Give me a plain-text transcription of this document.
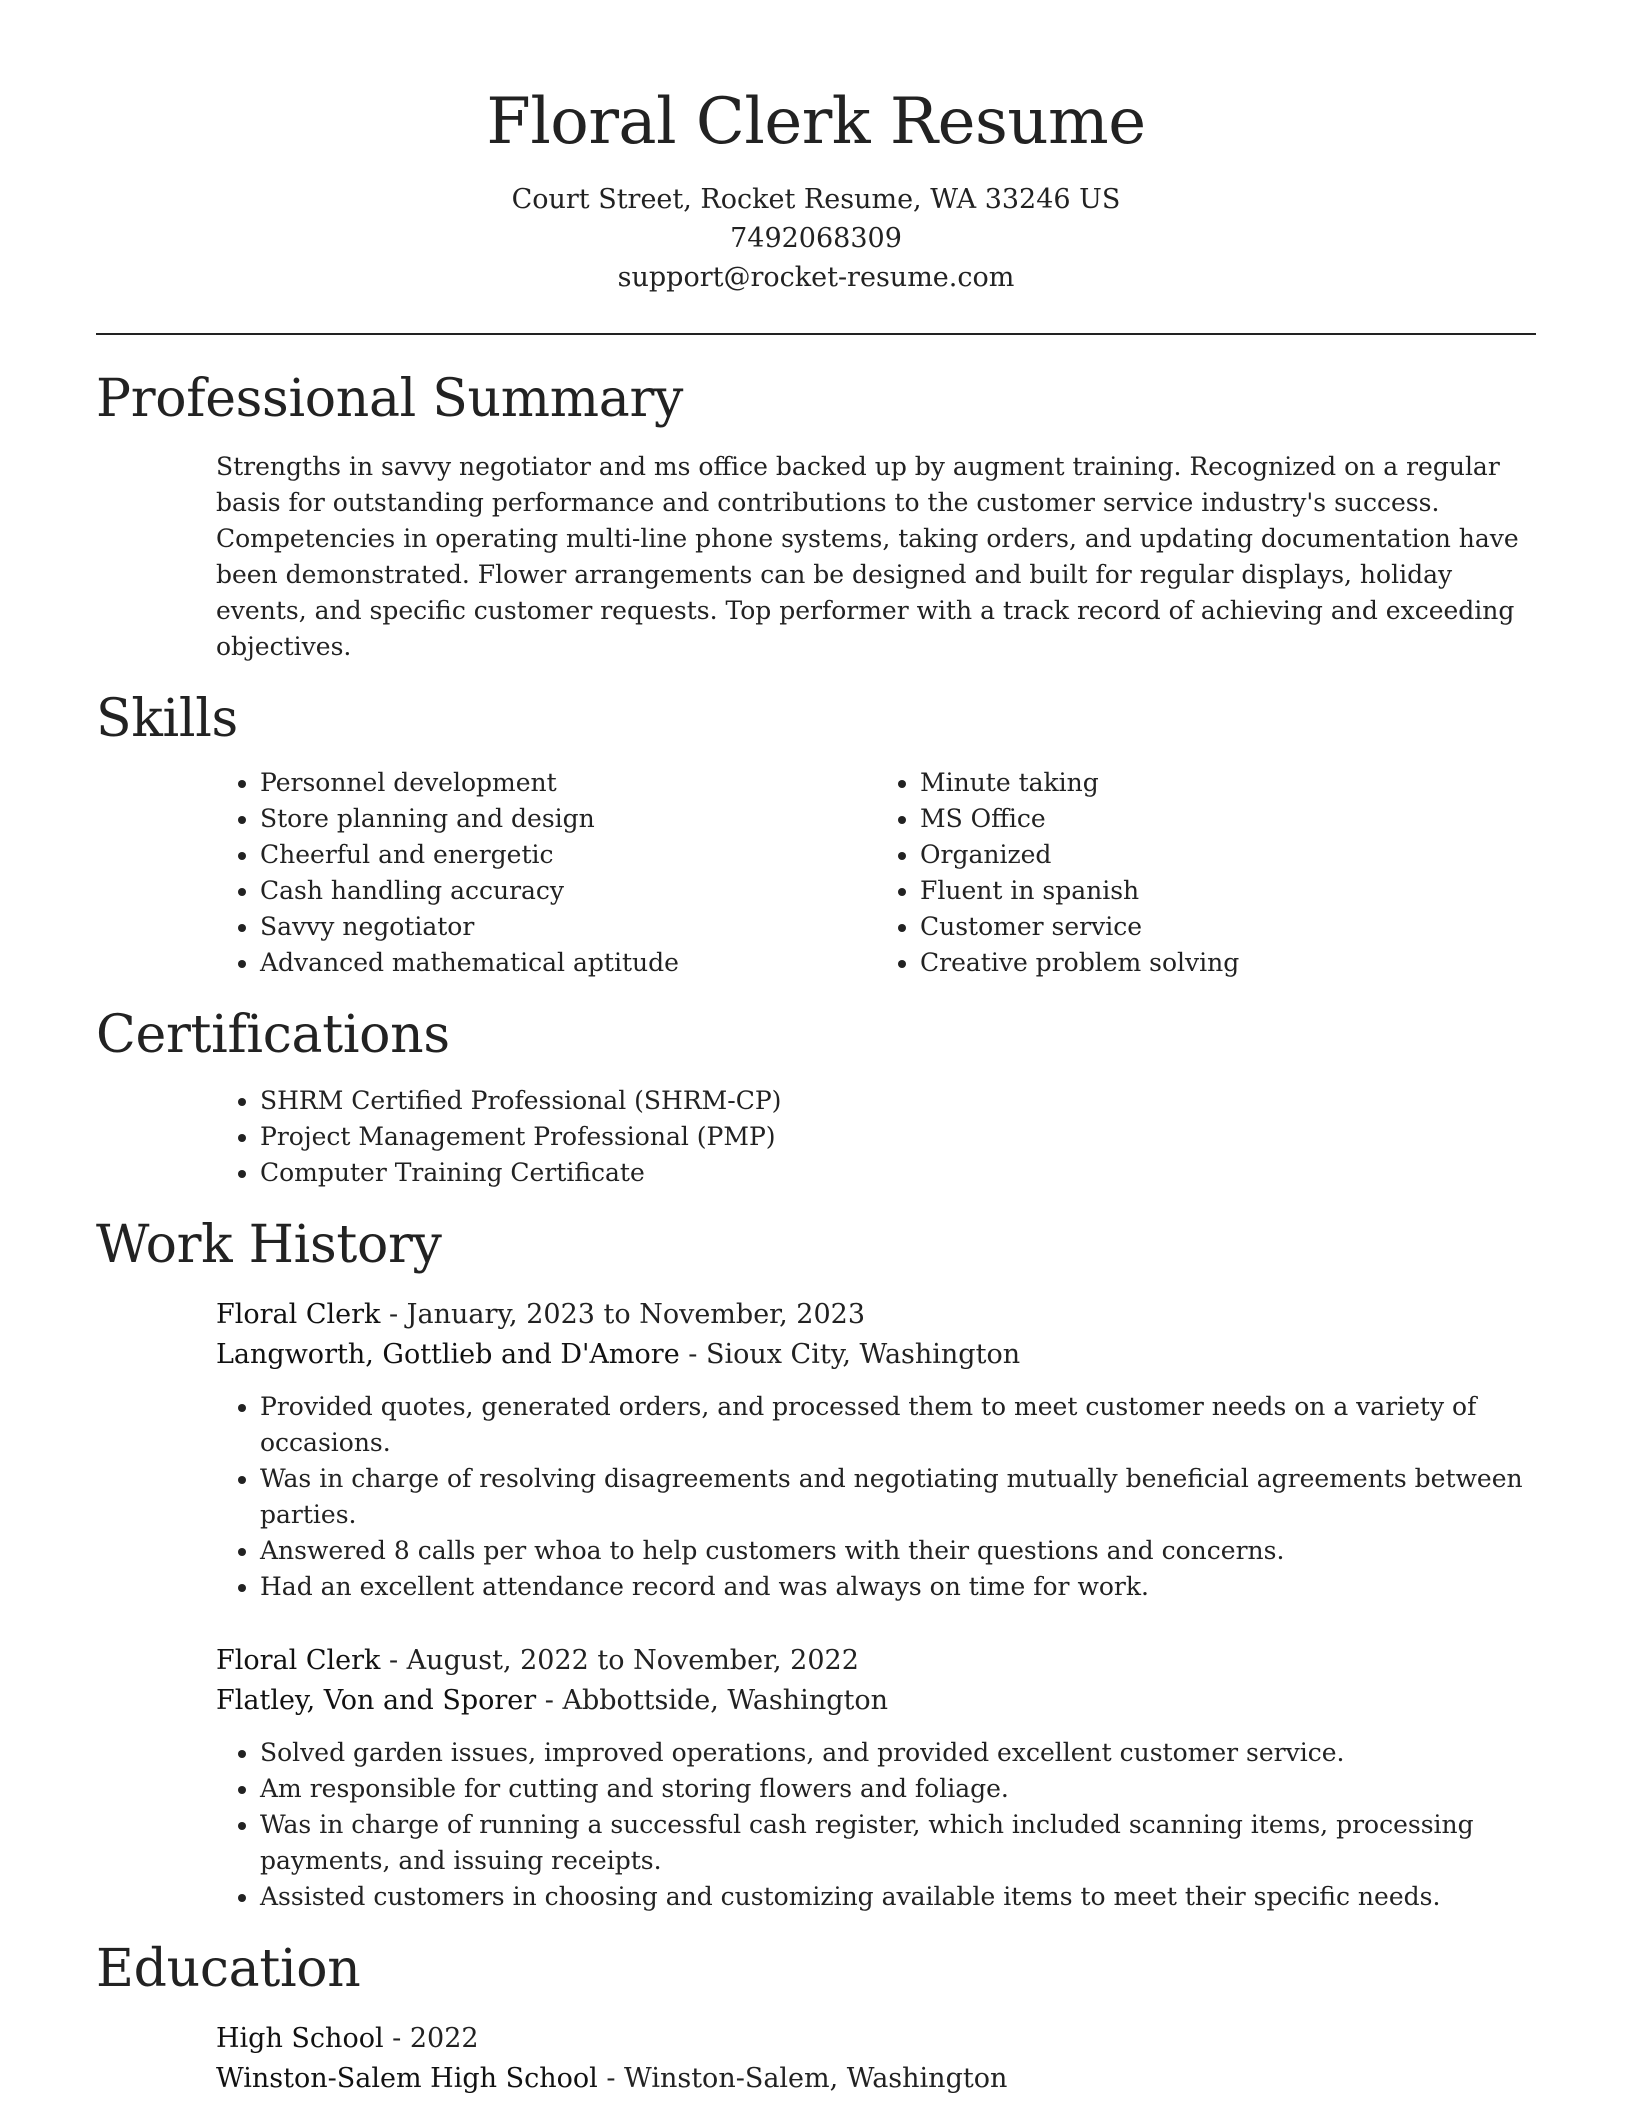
Floral Clerk Resume
Court Street, Rocket Resume, WA 33246 US
7492068309
support@rocket-resume.com
Professional Summary

Strengths in savvy negotiator and ms office backed up by augment training. Recognized on a regular basis for outstanding performance and contributions to the customer service industry's success. Competencies in operating multi-line phone systems, taking orders, and updating documentation have been demonstrated. Flower arrangements can be designed and built for regular displays, holiday events, and specific customer requests. Top performer with a track record of achieving and exceeding objectives.

Skills
• Personnel development
• Store planning and design
• Cheerful and energetic
• Cash handling accuracy
• Savvy negotiator
• Advanced mathematical aptitude
• Minute taking
• MS Office
• Organized
• Fluent in spanish
• Customer service
• Creative problem solving
Certifications
• SHRM Certified Professional (SHRM-CP)
• Project Management Professional (PMP)
• Computer Training Certificate
Work History
Floral Clerk - January, 2023 to November, 2023
Langworth, Gottlieb and D'Amore - Sioux City, Washington
• Provided quotes, generated orders, and processed them to meet customer needs on a variety of occasions.
• Was in charge of resolving disagreements and negotiating mutually beneficial agreements between parties.
• Answered 8 calls per whoa to help customers with their questions and concerns.
• Had an excellent attendance record and was always on time for work.
Floral Clerk - August, 2022 to November, 2022
Flatley, Von and Sporer - Abbottside, Washington
• Solved garden issues, improved operations, and provided excellent customer service.
• Am responsible for cutting and storing flowers and foliage.
• Was in charge of running a successful cash register, which included scanning items, processing payments, and issuing receipts.
• Assisted customers in choosing and customizing available items to meet their specific needs.
Education
High School - 2022
Winston-Salem High School - Winston-Salem, Washington
